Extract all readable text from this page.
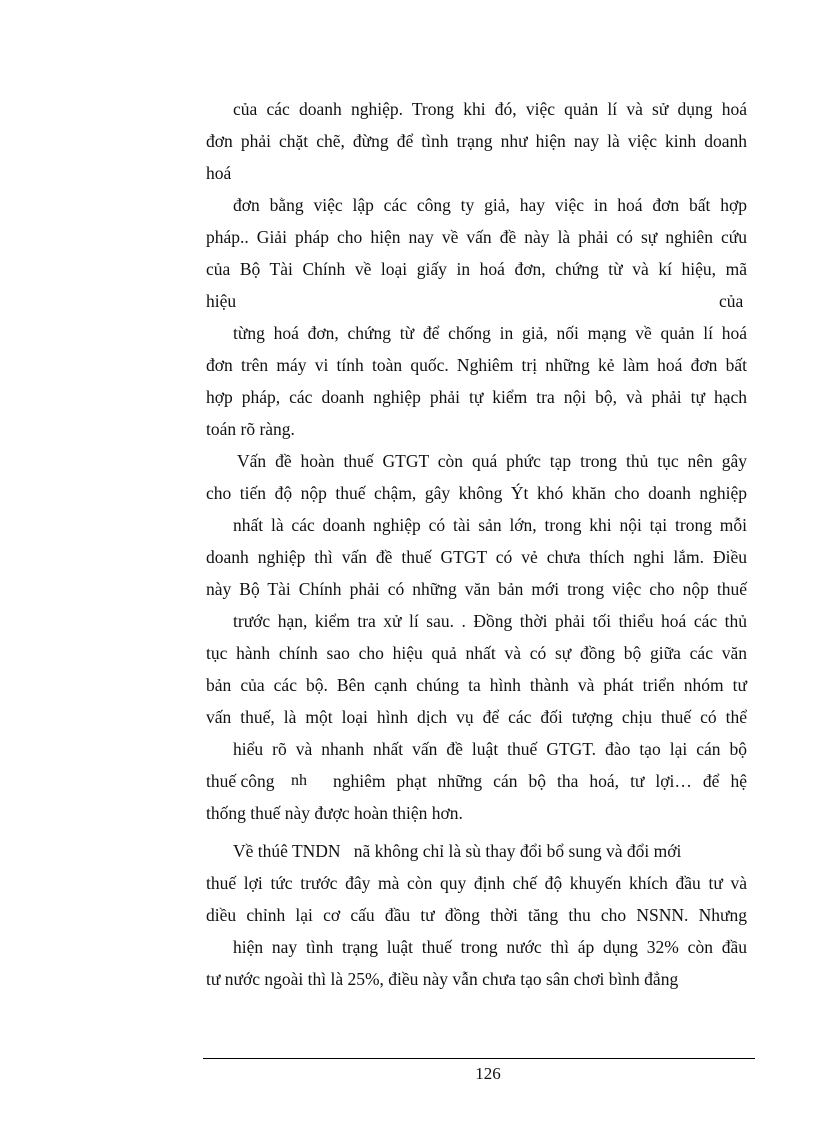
của các doanh nghiệp. Trong khi đó, việc quản lí và sử dụng hoá
đơn phải chặt chẽ, đừng để tình trạng như hiện nay là việc kinh doanh
hoá
đơn bằng việc lập các công ty giả, hay việc in hoá đơn bất hợp
pháp.. Giải pháp cho hiện nay về vấn đề này là phải có sự nghiên cứu
của Bộ Tài Chính về loại giấy in hoá đơn, chứng từ và kí hiệu, mã
hiệu	của
từng hoá đơn, chứng từ để chống in giả, nối mạng về quản lí hoá
đơn trên máy vi tính toàn quốc. Nghiêm trị những kẻ làm hoá đơn bất
hợp pháp, các doanh nghiệp phải tự kiểm tra nội bộ, và phải tự hạch
toán rõ ràng.
Vấn đề hoàn thuế GTGT còn quá phức tạp trong thủ tục nên gây
cho tiến độ nộp thuế chậm, gây không Ýt khó khăn cho doanh nghiệp
nhất là các doanh nghiệp có tài sản lớn, trong khi nội tại trong mỗi
doanh nghiệp thì vấn đề thuế GTGT có vẻ chưa thích nghi lắm. Điều
này Bộ Tài Chính phải có những văn bản mới trong việc cho nộp thuế
trước hạn, kiểm tra xử lí sau. . Đồng thời phải tối thiểu hoá các thủ
tục hành chính sao cho hiệu quả nhất và có sự đồng bộ giữa các văn
bản của các bộ. Bên cạnh chúng ta hình thành và phát triển nhóm tư
vấn thuế, là một loại hình dịch vụ để các đối tượng chịu thuế có thể
hiểu rõ và nhanh nhất vấn đề luật thuế GTGT. đào tạo lại cán bộ
thuế công nh	nghiêm phạt những cán bộ tha hoá, tư lợi… để hệ
thống thuế này được hoàn thiện hơn.
Về thúê TNDN   nã không chỉ là sù thay đổi bổ sung và đổi mới
thuế lợi tức trước đây mà còn quy định chế độ khuyến khích đầu tư và
diều chỉnh lại cơ cấu đầu tư đồng thời tăng thu cho NSNN. Nhưng
hiện nay tình trạng luật thuế trong nước thì áp dụng 32% còn đầu
tư nước ngoài thì là 25%, điều này vẫn chưa tạo sân chơi bình đẳng
126
